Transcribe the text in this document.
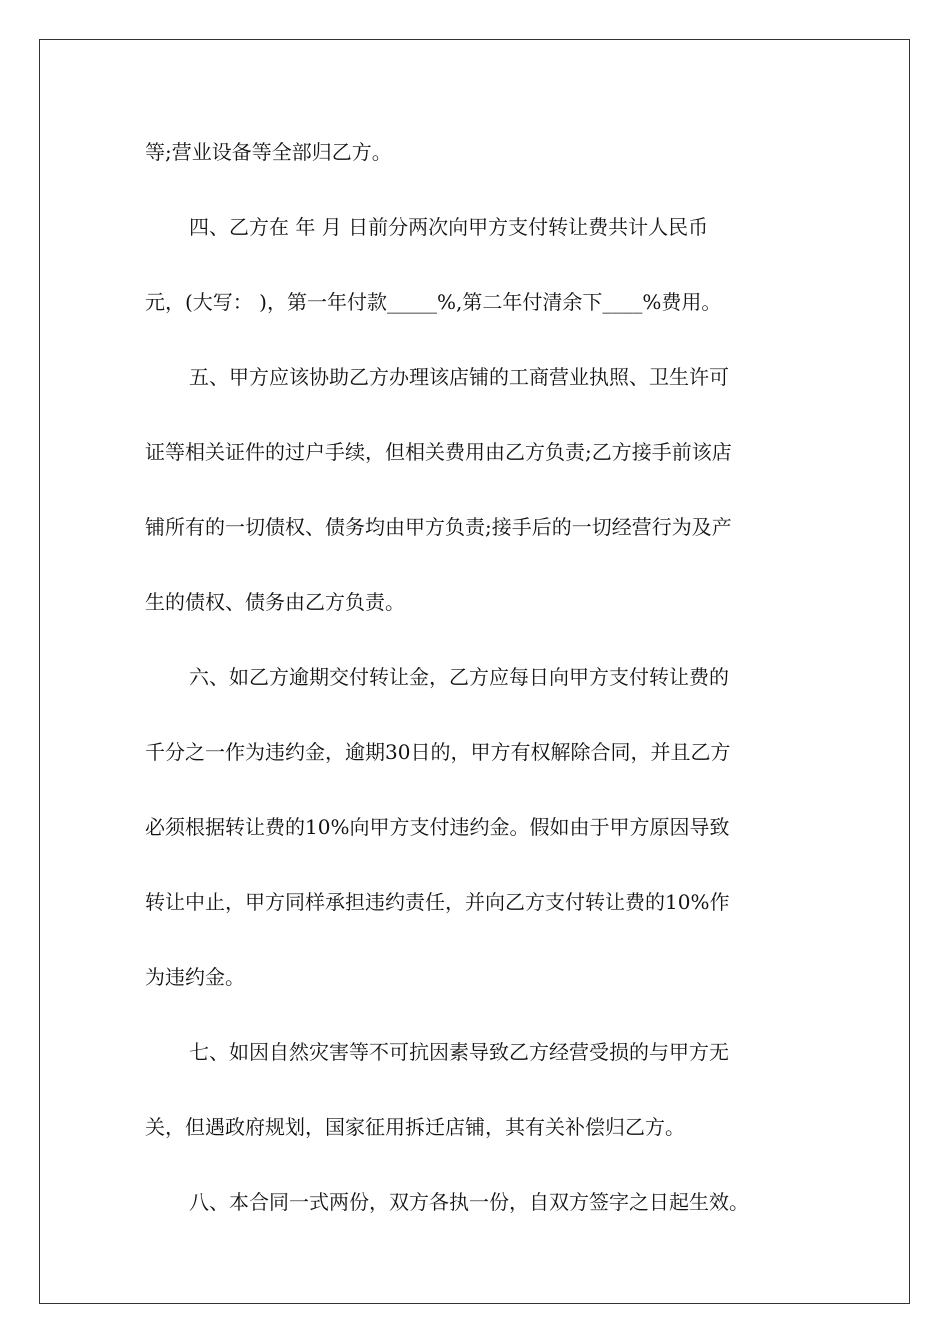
等;营业设备等全部归乙方。

四、乙方在 年 月 日前分两次向甲方支付转让费共计人民币

元，(大写： )，第一年付款_____%,第二年付清余下____%费用。

五、甲方应该协助乙方办理该店铺的工商营业执照、卫生许可

证等相关证件的过户手续，但相关费用由乙方负责;乙方接手前该店

铺所有的一切债权、债务均由甲方负责;接手后的一切经营行为及产

生的债权、债务由乙方负责。

六、如乙方逾期交付转让金，乙方应每日向甲方支付转让费的

千分之一作为违约金，逾期30日的，甲方有权解除合同，并且乙方

必须根据转让费的10%向甲方支付违约金。假如由于甲方原因导致

转让中止，甲方同样承担违约责任，并向乙方支付转让费的10%作

为违约金。

七、如因自然灾害等不可抗因素导致乙方经营受损的与甲方无

关，但遇政府规划，国家征用拆迁店铺，其有关补偿归乙方。

八、本合同一式两份，双方各执一份，自双方签字之日起生效。
